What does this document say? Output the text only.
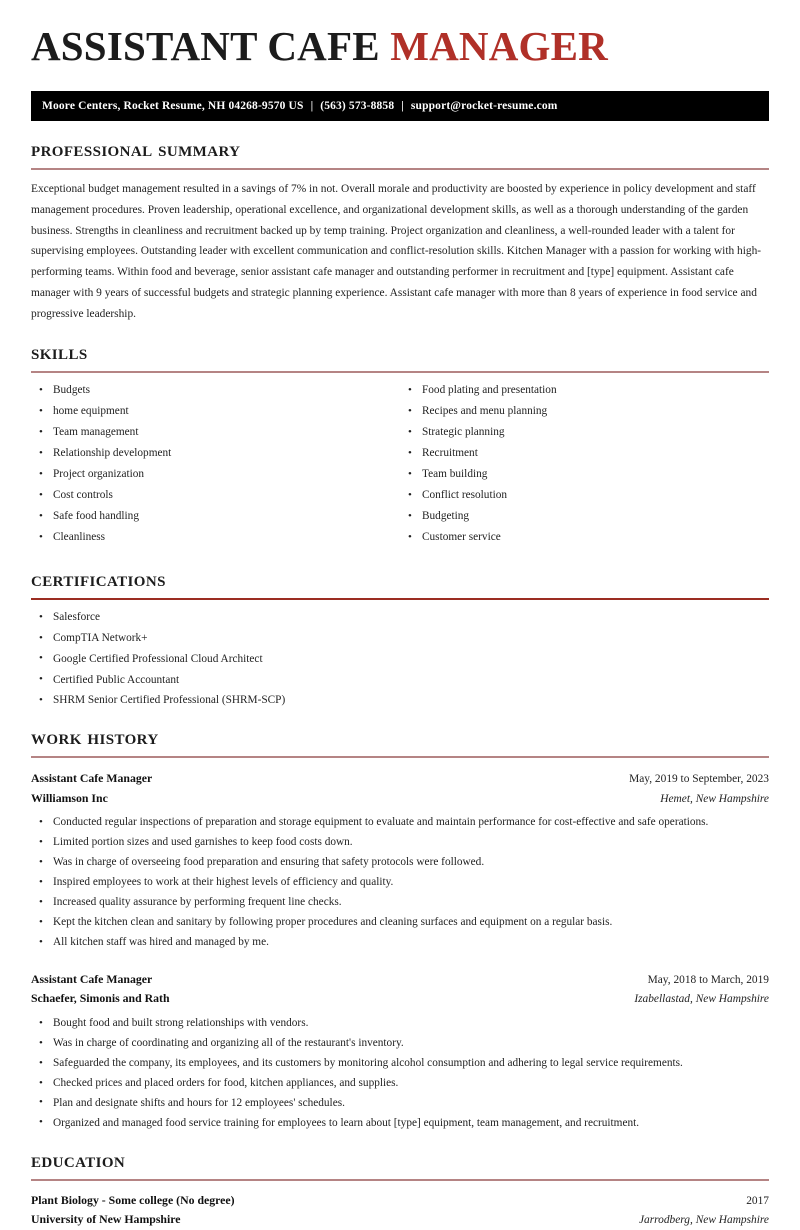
ASSISTANT CAFE MANAGER
Moore Centers, Rocket Resume, NH 04268-9570 US | (563) 573-8858 | support@rocket-resume.com
professional summary

Exceptional budget management resulted in a savings of 7% in not. Overall morale and productivity are boosted by experience in policy development and staff management procedures. Proven leadership, operational excellence, and organizational development skills, as well as a thorough understanding of the garden business. Strengths in cleanliness and recruitment backed up by temp training. Project organization and cleanliness, a well-rounded leader with a talent for supervising employees. Outstanding leader with excellent communication and conflict-resolution skills. Kitchen Manager with a passion for working with high-performing teams. Within food and beverage, senior assistant cafe manager and outstanding performer in recruitment and [type] equipment. Assistant cafe manager with 9 years of successful budgets and strategic planning experience. Assistant cafe manager with more than 8 years of experience in food service and progressive leadership.

skills
• Budgets
• home equipment
• Team management
• Relationship development
• Project organization
• Cost controls
• Safe food handling
• Cleanliness
• Food plating and presentation
• Recipes and menu planning
• Strategic planning
• Recruitment
• Team building
• Conflict resolution
• Budgeting
• Customer service
certifications
• Salesforce
• CompTIA Network+
• Google Certified Professional Cloud Architect
• Certified Public Accountant
• SHRM Senior Certified Professional (SHRM-SCP)
work history
Assistant Cafe Manager	May, 2019 to September, 2023
Williamson Inc	Hemet, New Hampshire
• Conducted regular inspections of preparation and storage equipment to evaluate and maintain performance for cost-effective and safe operations.
• Limited portion sizes and used garnishes to keep food costs down.
• Was in charge of overseeing food preparation and ensuring that safety protocols were followed.
• Inspired employees to work at their highest levels of efficiency and quality.
• Increased quality assurance by performing frequent line checks.
• Kept the kitchen clean and sanitary by following proper procedures and cleaning surfaces and equipment on a regular basis.
• All kitchen staff was hired and managed by me.
Assistant Cafe Manager	May, 2018 to March, 2019
Schaefer, Simonis and Rath	Izabellastad, New Hampshire
• Bought food and built strong relationships with vendors.
• Was in charge of coordinating and organizing all of the restaurant's inventory.
• Safeguarded the company, its employees, and its customers by monitoring alcohol consumption and adhering to legal service requirements.
• Checked prices and placed orders for food, kitchen appliances, and supplies.
• Plan and designate shifts and hours for 12 employees' schedules.
• Organized and managed food service training for employees to learn about [type] equipment, team management, and recruitment.
education
Plant Biology - Some college (No degree)	2017
University of New Hampshire	Jarrodberg, New Hampshire
